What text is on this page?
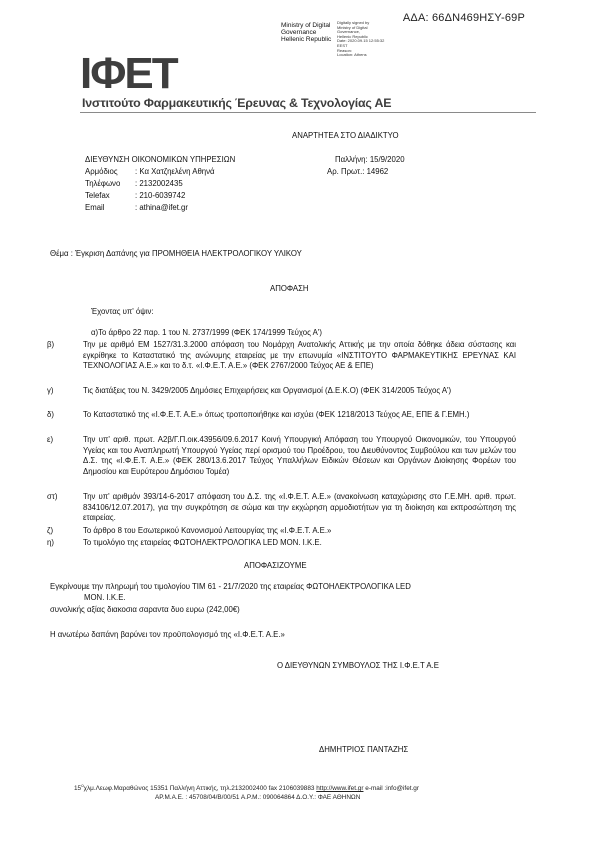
ΑΔΑ: 66ΔΝ469ΗΣΥ-69Ρ
Ministry of Digital
Governance
Hellenic Republic
Digitally signed by
Ministry of Digital
Governance,
Hellenic Republic
Date: 2020.09.15 12:55:32
EEST
Reason:
Location: Athens
IΦET
Ινστιτούτο Φαρμακευτικής Έρευνας & Τεχνολογίας ΑΕ
ΑΝΑΡΤΗΤΕΑ ΣΤΟ ΔΙΑΔΙΚΤΥΟ
ΔΙΕΥΘΥΝΣΗ ΟΙΚΟΝΟΜΙΚΩΝ ΥΠΗΡΕΣΙΩΝ	Παλλήνη: 15/9/2020
Αρ. Πρωτ.: 14962
Αρμόδιος : Κα Χατζηελένη Αθηνά
Τηλέφωνο : 2132002435
Telefax	: 210-6039742
Email	: athina@ifet.gr
Θέμα : Έγκριση Δαπάνης για ΠΡΟΜΗΘΕΙΑ ΗΛΕΚΤΡΟΛΟΓΙΚΟΥ ΥΛΙΚΟΥ
ΑΠΟΦΑΣΗ
Έχοντας υπ' όψιν:
α)Το άρθρο 22 παρ. 1 του Ν. 2737/1999 (ΦΕΚ 174/1999 Τεύχος Α')
β)	Την με αριθμό ΕΜ 1527/31.3.2000 απόφαση του Νομάρχη Ανατολικής Αττικής με την οποία δόθηκε άδεια σύστασης και εγκρίθηκε το Καταστατικό της ανώνυμης εταιρείας με την επωνυμία «ΙΝΣΤΙΤΟΥΤΟ ΦΑΡΜΑΚΕΥΤΙΚΗΣ ΕΡΕΥΝΑΣ ΚΑΙ ΤΕΧΝΟΛΟΓΙΑΣ Α.Ε.» και το δ.τ. «Ι.Φ.Ε.Τ. Α.Ε.» (ΦΕΚ 2767/2000 Τεύχος ΑΕ & ΕΠΕ)
γ)	Τις διατάξεις του Ν. 3429/2005 Δημόσιες Επιχειρήσεις και Οργανισμοί (Δ.Ε.Κ.Ο) (ΦΕΚ 314/2005 Τεύχος Α')
δ)	Το Καταστατικό της «Ι.Φ.Ε.Τ. Α.Ε.» όπως τροποποιήθηκε και ισχύει (ΦΕΚ 1218/2013 Τεύχος ΑΕ, ΕΠΕ & Γ.ΕΜΗ.)
ε)	Την υπ' αριθ. πρωτ. Α2β/Γ.Π.οικ.43956/09.6.2017 Κοινή Υπουργική Απόφαση του Υπουργού Οικονομικών, του Υπουργού Υγείας και του Αναπληρωτή Υπουργού Υγείας περί ορισμού του Προέδρου, του Διευθύνοντος Συμβούλου και των μελών του Δ.Σ. της «Ι.Φ.Ε.Τ. Α.Ε.» (ΦΕΚ 280/13.6.2017 Τεύχος Υπαλλήλων Ειδικών Θέσεων και Οργάνων Διοίκησης Φορέων του Δημοσίου και Ευρύτερου Δημόσιου Τομέα)
στ)	Την υπ' αριθμόν 393/14-6-2017 απόφαση του Δ.Σ. της «Ι.Φ.Ε.Τ. Α.Ε.» (ανακοίνωση καταχώρισης στο Γ.Ε.ΜΗ. αριθ. πρωτ. 834106/12.07.2017), για την συγκρότηση σε σώμα και την εκχώρηση αρμοδιοτήτων για τη διοίκηση και εκπροσώπηση της εταιρείας.
ζ)	Το άρθρο 8 του Εσωτερικού Κανονισμού Λειτουργίας της «Ι.Φ.Ε.Τ. Α.Ε.»
η)	Το τιμολόγιο της εταιρείας ΦΩΤΟΗΛΕΚΤΡΟΛΟΓΙΚΑ LED ΜΟΝ. Ι.Κ.Ε.
ΑΠΟΦΑΣΙΖΟΥΜΕ
Εγκρίνουμε την πληρωμή του τιμολογίου ΤΙΜ 61 - 21/7/2020 της εταιρείας ΦΩΤΟΗΛΕΚΤΡΟΛΟΓΙΚΑ LED
ΜΟΝ. Ι.Κ.Ε.
συνολικής αξίας διακοσια σαραντα δυο ευρω (242,00€)
Η ανωτέρω δαπάνη βαρύνει τον προϋπολογισμό της «Ι.Φ.Ε.Τ. Α.Ε.»
Ο ΔΙΕΥΘΥΝΩΝ ΣΥΜΒΟΥΛΟΣ ΤΗΣ Ι.Φ.Ε.Τ Α.Ε
ΔΗΜΗΤΡΙΟΣ ΠΑΝΤΑΖΗΣ
$15^o\chi\lambda\mu.\Lambda\varepsilon\omega\varphi.M\alpha\rho\alpha\theta ώ\nu o\varsigma$ 15351 Παλλήνη Αττικής, τηλ.2132002400 fax 2106039883 http://www.ifet.gr e-mail :info@ifet.gr
ΑΡ.Μ.Α.Ε. : 45708/04/Β/00/51 Α.Ρ.Μ.: 090064864 Δ.Ο.Υ.: ΦΑΕ ΑΘΗΝΩΝ
